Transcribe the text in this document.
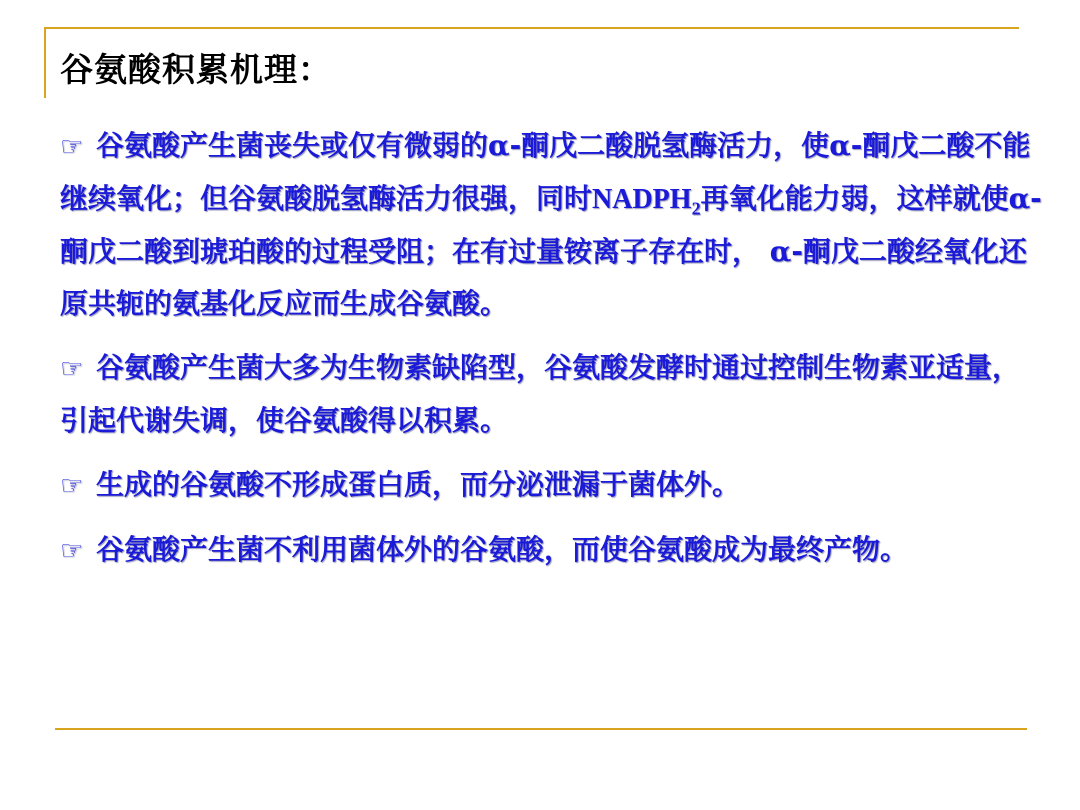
谷氨酸积累机理：
☞ 谷氨酸产生菌丧失或仅有微弱的α-酮戊二酸脱氢酶活力，使α-酮戊二酸不能继续氧化；但谷氨酸脱氢酶活力很强，同时$NADPH_2$再氧化能力弱，这样就使α-酮戊二酸到琥珀酸的过程受阻；在有过量铵离子存在时， α-酮戊二酸经氧化还原共轭的氨基化反应而生成谷氨酸。
☞ 谷氨酸产生菌大多为生物素缺陷型，谷氨酸发酵时通过控制生物素亚适量，引起代谢失调，使谷氨酸得以积累。
☞ 生成的谷氨酸不形成蛋白质，而分泌泄漏于菌体外。
☞ 谷氨酸产生菌不利用菌体外的谷氨酸，而使谷氨酸成为最终产物。
